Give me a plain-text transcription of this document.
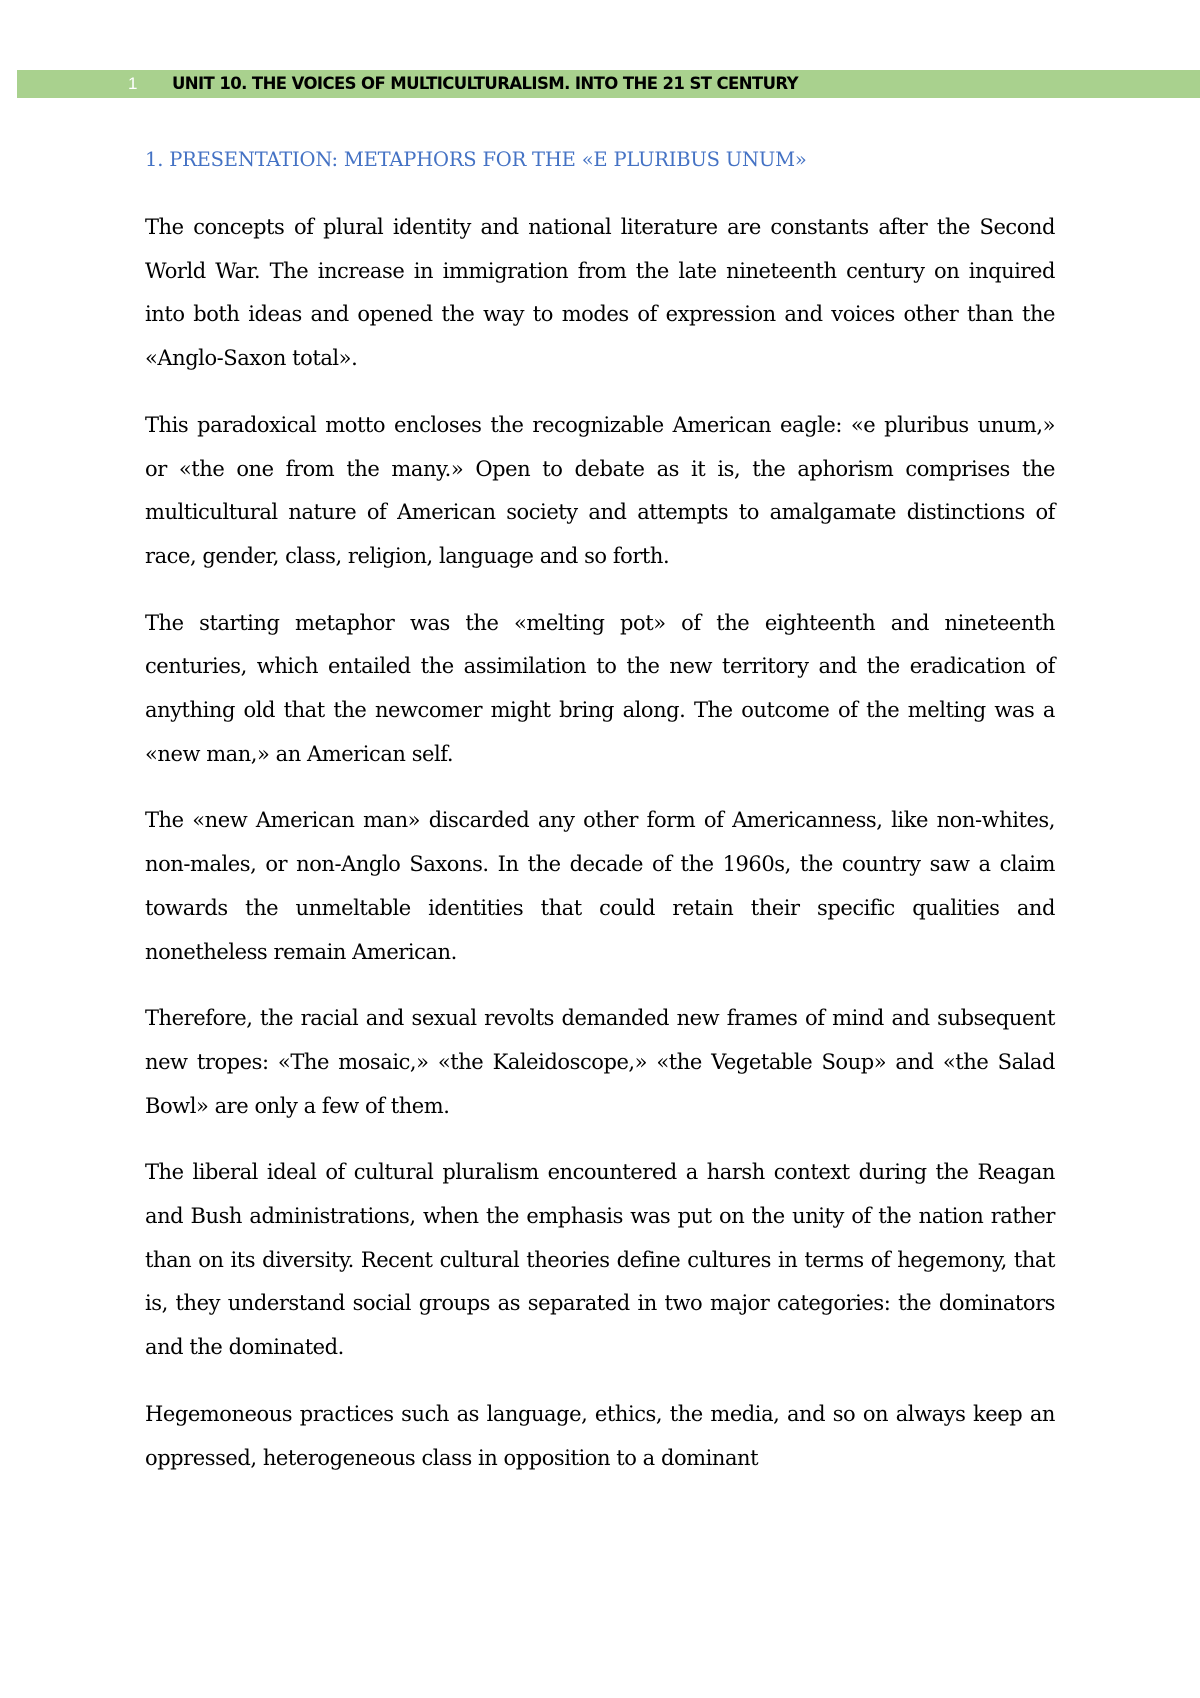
1 UNIT 10. THE VOICES OF MULTICULTURALISM. INTO THE 21 ST CENTURY
1. PRESENTATION: METAPHORS FOR THE «E PLURIBUS UNUM»

The concepts of plural identity and national literature are constants after the Second World War. The increase in immigration from the late nineteenth century on inquired into both ideas and opened the way to modes of expression and voices other than the «Anglo-Saxon total».

This paradoxical motto encloses the recognizable American eagle: «e pluribus unum,» or «the one from the many.» Open to debate as it is, the aphorism comprises the multicultural nature of American society and attempts to amalgamate distinctions of race, gender, class, religion, language and so forth.

The starting metaphor was the «melting pot» of the eighteenth and nineteenth centuries, which entailed the assimilation to the new territory and the eradication of anything old that the newcomer might bring along. The outcome of the melting was a «new man,» an American self.

The «new American man» discarded any other form of Americanness, like non-whites, non-males, or non-Anglo Saxons. In the decade of the 1960s, the country saw a claim towards the unmeltable identities that could retain their specific qualities and nonetheless remain American.

Therefore, the racial and sexual revolts demanded new frames of mind and subsequent new tropes: «The mosaic,» «the Kaleidoscope,» «the Vegetable Soup» and «the Salad Bowl» are only a few of them.

The liberal ideal of cultural pluralism encountered a harsh context during the Reagan and Bush administrations, when the emphasis was put on the unity of the nation rather than on its diversity. Recent cultural theories define cultures in terms of hegemony, that is, they understand social groups as separated in two major categories: the dominators and the dominated.

Hegemoneous practices such as language, ethics, the media, and so on always keep an oppressed, heterogeneous class in opposition to a dominant
